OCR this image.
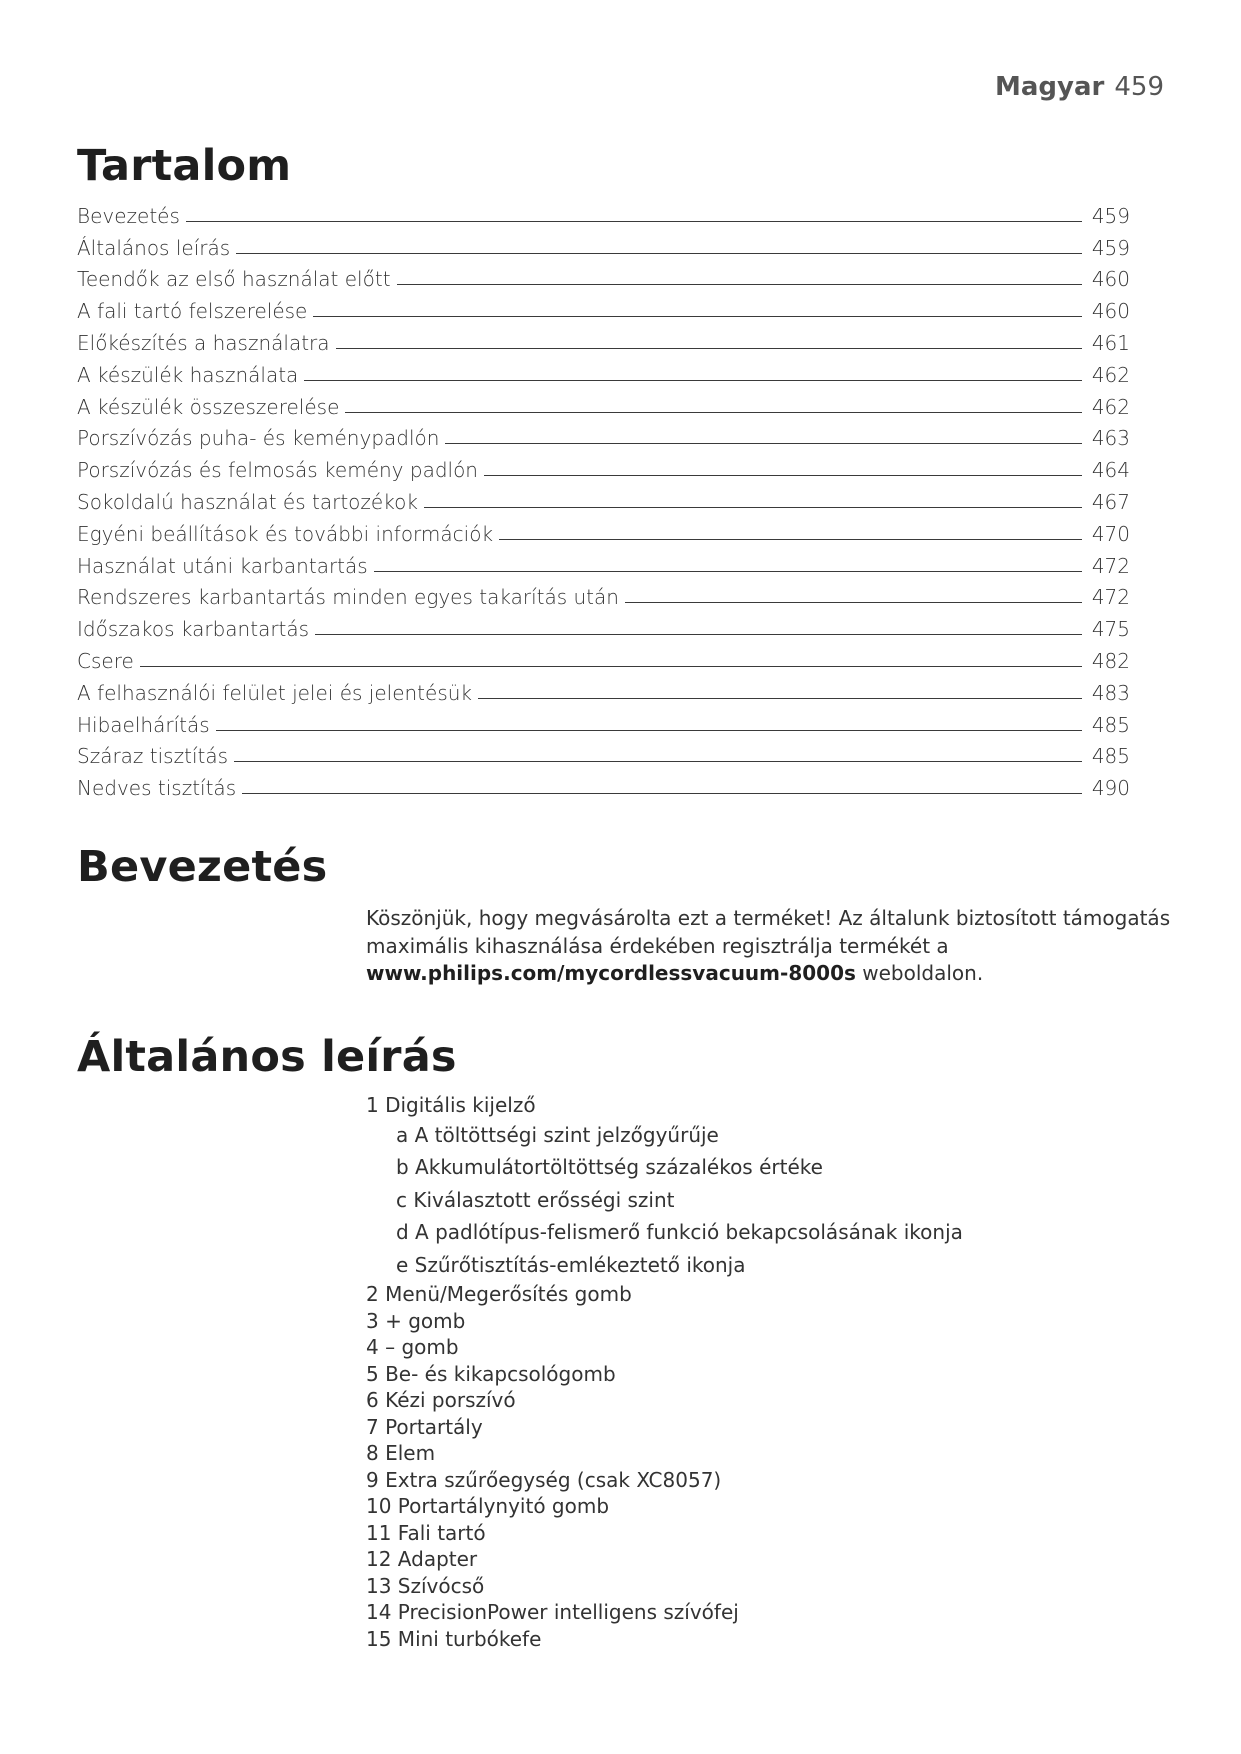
Magyar 459
Tartalom
Bevezetés	459
Általános leírás	459
Teendők az első használat előtt	460
A fali tartó felszerelése	460
Előkészítés a használatra	461
A készülék használata	462
A készülék összeszerelése	462
Porszívózás puha- és keménypadlón	463
Porszívózás és felmosás kemény padlón	464
Sokoldalú használat és tartozékok	467
Egyéni beállítások és további információk	470
Használat utáni karbantartás	472
Rendszeres karbantartás minden egyes takarítás után	472
Időszakos karbantartás	475
Csere	482
A felhasználói felület jelei és jelentésük	483
Hibaelhárítás	485
Száraz tisztítás	485
Nedves tisztítás	490
Bevezetés
Köszönjük, hogy megvásárolta ezt a terméket! Az általunk biztosított támogatás maximális kihasználása érdekében regisztrálja termékét a www.philips.com/mycordlessvacuum-8000s weboldalon.
Általános leírás
1 Digitális kijelző
a A töltöttségi szint jelzőgyűrűje
b Akkumulátortöltöttség százalékos értéke
c Kiválasztott erősségi szint
d A padlótípus-felismerő funkció bekapcsolásának ikonja
e Szűrőtisztítás-emlékeztető ikonja
2 Menü/Megerősítés gomb
3 + gomb
4 – gomb
5 Be- és kikapcsológomb
6 Kézi porszívó
7 Portartály
8 Elem
9 Extra szűrőegység (csak XC8057)
10 Portartálynyitó gomb
11 Fali tartó
12 Adapter
13 Szívócső
14 PrecisionPower intelligens szívófej
15 Mini turbókefe
